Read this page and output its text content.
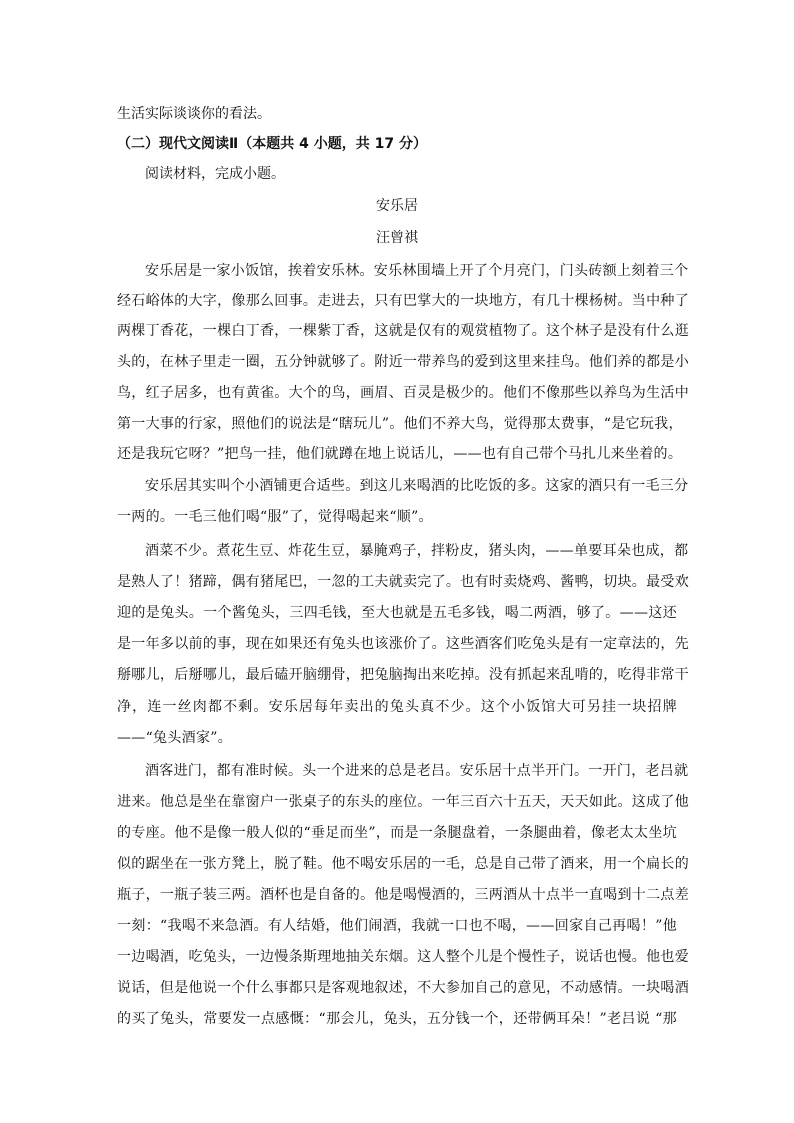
生活实际谈谈你的看法。
（二）现代文阅读Ⅱ（本题共 4 小题，共 17 分）
阅读材料，完成小题。
安乐居
汪曾祺
安乐居是一家小饭馆，挨着安乐林。安乐林围墙上开了个月亮门，门头砖额上刻着三个
经石峪体的大字，像那么回事。走进去，只有巴掌大的一块地方，有几十棵杨树。当中种了
两棵丁香花，一棵白丁香，一棵紫丁香，这就是仅有的观赏植物了。这个林子是没有什么逛
头的，在林子里走一圈，五分钟就够了。附近一带养鸟的爱到这里来挂鸟。他们养的都是小
鸟，红子居多，也有黄雀。大个的鸟，画眉、百灵是极少的。他们不像那些以养鸟为生活中
第一大事的行家，照他们的说法是“瞎玩儿”。他们不养大鸟，觉得那太费事，“是它玩我，
还是我玩它呀？”把鸟一挂，他们就蹲在地上说话儿，——也有自己带个马扎儿来坐着的。
安乐居其实叫个小酒铺更合适些。到这儿来喝酒的比吃饭的多。这家的酒只有一毛三分
一两的。一毛三他们喝“服”了，觉得喝起来“顺”。
酒菜不少。煮花生豆、炸花生豆，暴腌鸡子，拌粉皮，猪头肉，——单要耳朵也成，都
是熟人了！猪蹄，偶有猪尾巴，一忽的工夫就卖完了。也有时卖烧鸡、酱鸭，切块。最受欢
迎的是兔头。一个酱兔头，三四毛钱，至大也就是五毛多钱，喝二两酒，够了。——这还
是一年多以前的事，现在如果还有兔头也该涨价了。这些酒客们吃兔头是有一定章法的，先
掰哪儿，后掰哪儿，最后磕开脑绷骨，把兔脑掏出来吃掉。没有抓起来乱啃的，吃得非常干
净，连一丝肉都不剩。安乐居每年卖出的兔头真不少。这个小饭馆大可另挂一块招牌
——“兔头酒家”。
酒客进门，都有准时候。头一个进来的总是老吕。安乐居十点半开门。一开门，老吕就
进来。他总是坐在靠窗户一张桌子的东头的座位。一年三百六十五天，天天如此。这成了他
的专座。他不是像一般人似的“垂足而坐”，而是一条腿盘着，一条腿曲着，像老太太坐坑
似的踞坐在一张方凳上，脱了鞋。他不喝安乐居的一毛，总是自己带了酒来，用一个扁长的
瓶子，一瓶子装三两。酒杯也是自备的。他是喝慢酒的，三两酒从十点半一直喝到十二点差
一刻：“我喝不来急酒。有人结婚，他们闹酒，我就一口也不喝，——回家自己再喝！”他
一边喝酒，吃兔头，一边慢条斯理地抽关东烟。这人整个儿是个慢性子，说话也慢。他也爱
说话，但是他说一个什么事都只是客观地叙述，不大参加自己的意见，不动感情。一块喝酒
的买了兔头，常要发一点感慨：“那会儿，兔头，五分钱一个，还带俩耳朵！”老吕说 “那
